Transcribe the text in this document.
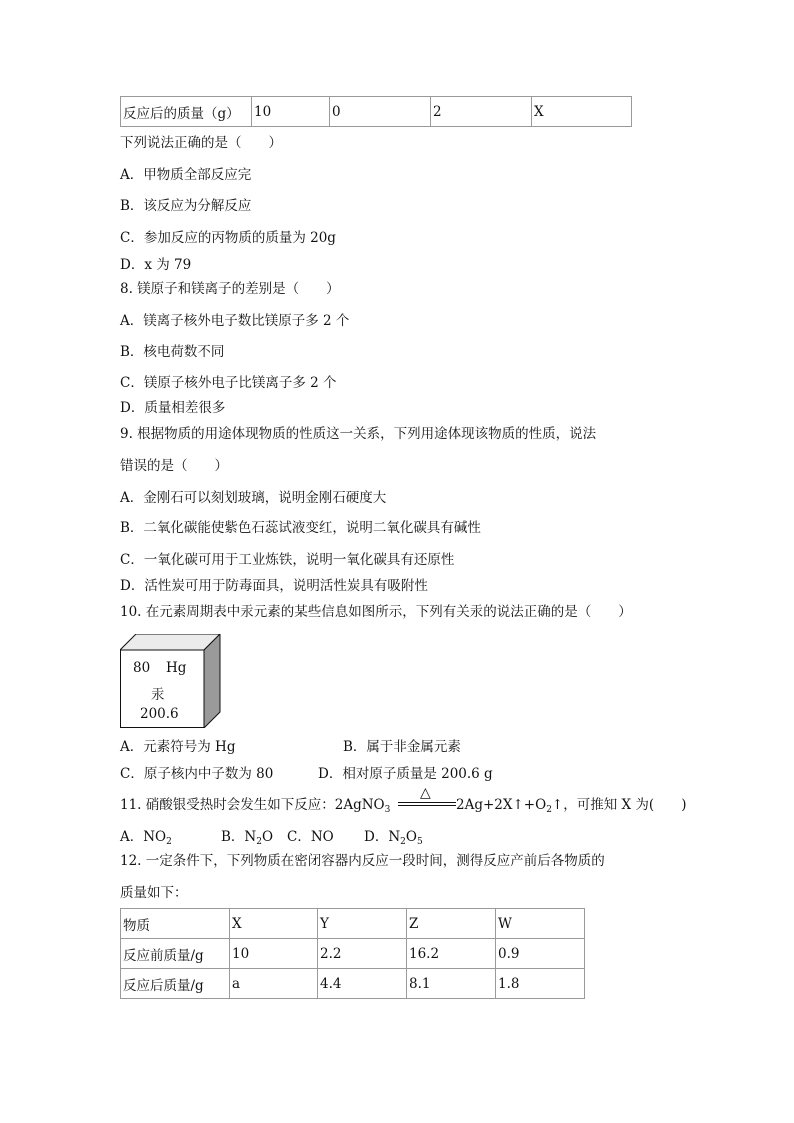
反应后的质量（g）	10	0	2	X
下列说法正确的是（　　）
A．甲物质全部反应完
B．该反应为分解反应
C．参加反应的丙物质的质量为 20g
D．x 为 79
8. 镁原子和镁离子的差别是（　　）
A．镁离子核外电子数比镁原子多 2 个
B．核电荷数不同
C．镁原子核外电子比镁离子多 2 个
D．质量相差很多
9. 根据物质的用途体现物质的性质这一关系，下列用途体现该物质的性质，说法
错误的是（　　）
A．金刚石可以刻划玻璃，说明金刚石硬度大
B．二氧化碳能使紫色石蕊试液变红，说明二氧化碳具有碱性
C．一氧化碳可用于工业炼铁，说明一氧化碳具有还原性
D．活性炭可用于防毒面具，说明活性炭具有吸附性
10. 在元素周期表中汞元素的某些信息如图所示，下列有关汞的说法正确的是（　　）
80 Hg
汞
200.6
A．元素符号为 Hg	B．属于非金属元素
C．原子核内中子数为 80	D．相对原子质量是 200.6 g
11. 硝酸银受热时会发生如下反应：2AgNO$_3$
△
$2Ag+2X↑+O_2↑$，可推知 X 为(　　)
A．$NO_2$	B．$N_2O$ C．NO D．$N_2O_5$
12. 一定条件下，下列物质在密闭容器内反应一段时间，测得反应产前后各物质的
质量如下：
物质	X	Y	Z	W
反应前质量/g	10	2.2	16.2	0.9
反应后质量/g	a	4.4	8.1	1.8
